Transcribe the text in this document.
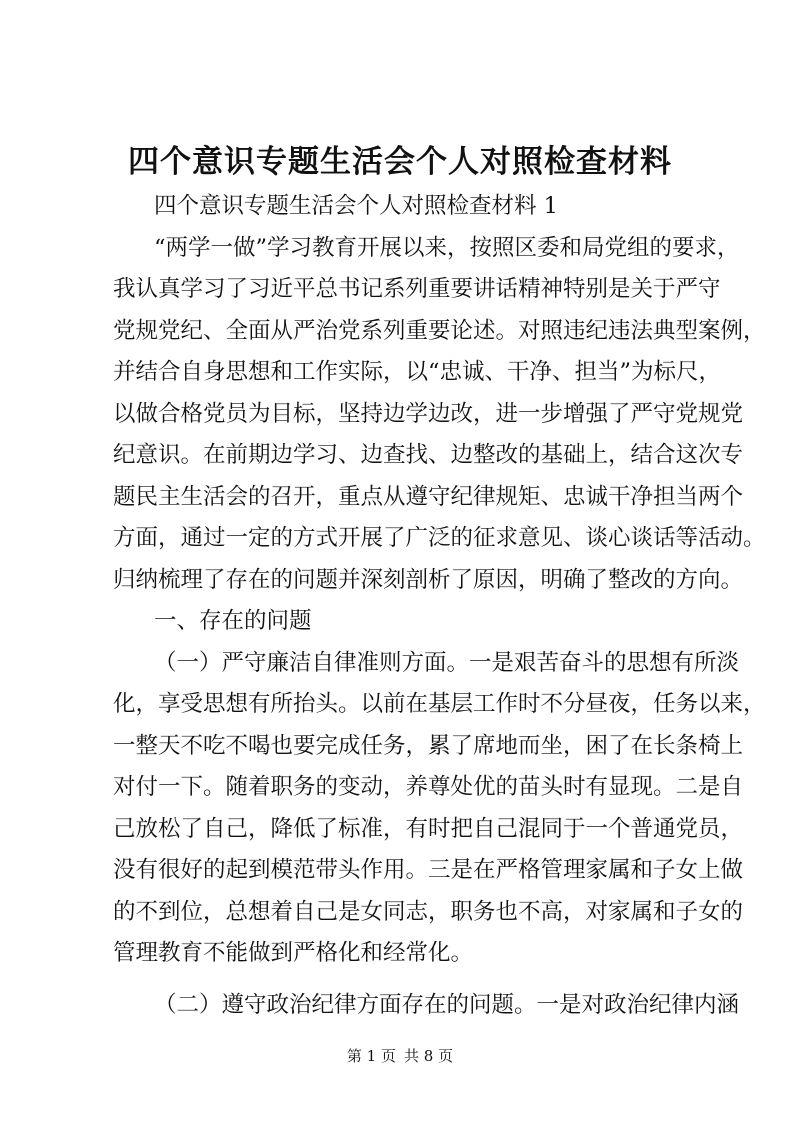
四个意识专题生活会个人对照检查材料
四个意识专题生活会个人对照检查材料 1
“两学一做”学习教育开展以来，按照区委和局党组的要求，
我认真学习了习近平总书记系列重要讲话精神特别是关于严守
党规党纪、全面从严治党系列重要论述。对照违纪违法典型案例，
并结合自身思想和工作实际，以“忠诚、干净、担当”为标尺，
以做合格党员为目标，坚持边学边改，进一步增强了严守党规党
纪意识。在前期边学习、边查找、边整改的基础上，结合这次专
题民主生活会的召开，重点从遵守纪律规矩、忠诚干净担当两个
方面，通过一定的方式开展了广泛的征求意见、谈心谈话等活动。
归纳梳理了存在的问题并深刻剖析了原因，明确了整改的方向。
一、存在的问题
（一）严守廉洁自律准则方面。一是艰苦奋斗的思想有所淡
化，享受思想有所抬头。以前在基层工作时不分昼夜，任务以来，
一整天不吃不喝也要完成任务，累了席地而坐，困了在长条椅上
对付一下。随着职务的变动，养尊处优的苗头时有显现。二是自
己放松了自己，降低了标准，有时把自己混同于一个普通党员，
没有很好的起到模范带头作用。三是在严格管理家属和子女上做
的不到位，总想着自己是女同志，职务也不高，对家属和子女的
管理教育不能做到严格化和经常化。
（二）遵守政治纪律方面存在的问题。一是对政治纪律内涵
第 1 页 共 8 页
